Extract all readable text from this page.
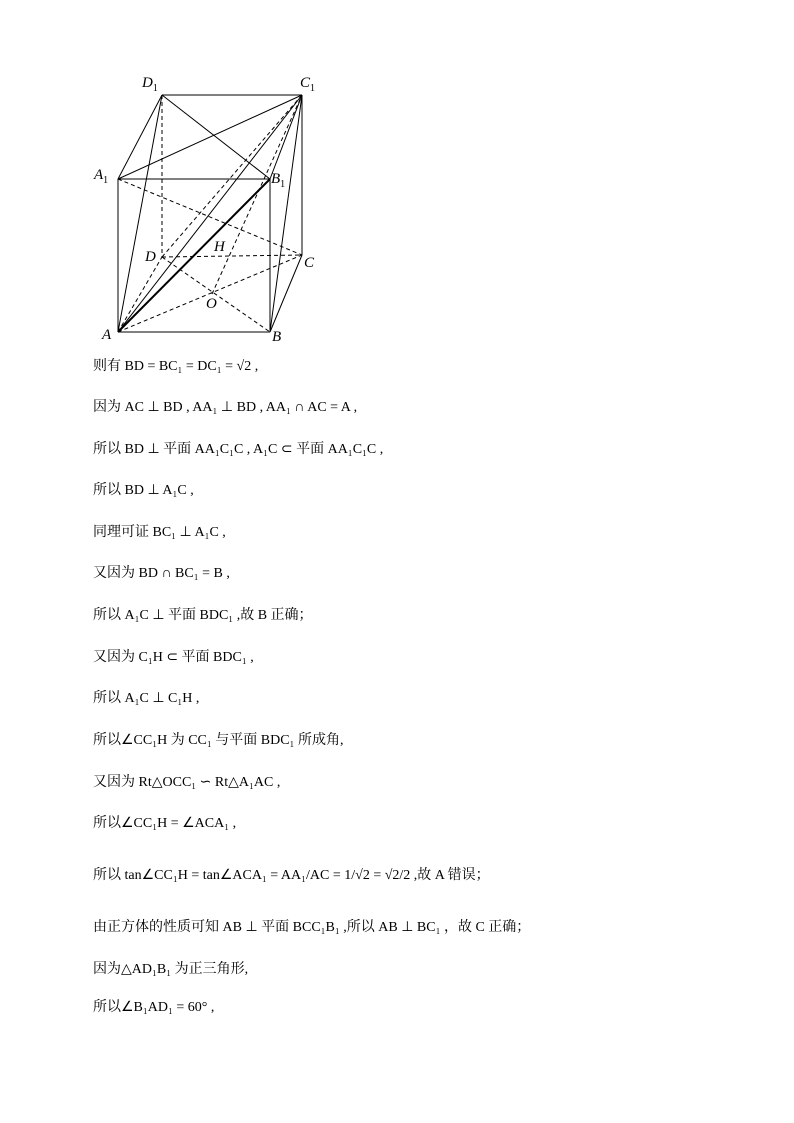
$D_1$	$C_1$
$A_1$	$B_1$
D	C
H
O
A	B
则有 BD = BC₁ = DC₁ = √2 ,
因为 AC ⊥ BD , AA₁ ⊥ BD , AA₁ ∩ AC = A ,
所以 BD ⊥ 平面 AA₁C₁C , A₁C ⊂ 平面 AA₁C₁C ,
所以 BD ⊥ A₁C ,
同理可证 BC₁ ⊥ A₁C ,
又因为 BD ∩ BC₁ = B ,
所以 A₁C ⊥ 平面 BDC₁ ,故 B 正确；
又因为 C₁H ⊂ 平面 BDC₁ ,
所以 A₁C ⊥ C₁H ,
所以∠CC₁H 为 CC₁ 与平面 BDC₁ 所成角,
又因为 Rt△OCC₁ ∽ Rt△A₁AC ,
所以∠CC₁H = ∠ACA₁ ,
所以 tan∠CC₁H = tan∠ACA₁ = AA₁/AC = 1/√2 = √2/2 ,故 A 错误；
由正方体的性质可知 AB ⊥ 平面 BCC₁B₁ ,所以 AB ⊥ BC₁ ，故 C 正确；
因为△AD₁B₁ 为正三角形,
所以∠B₁AD₁ = 60° ,
